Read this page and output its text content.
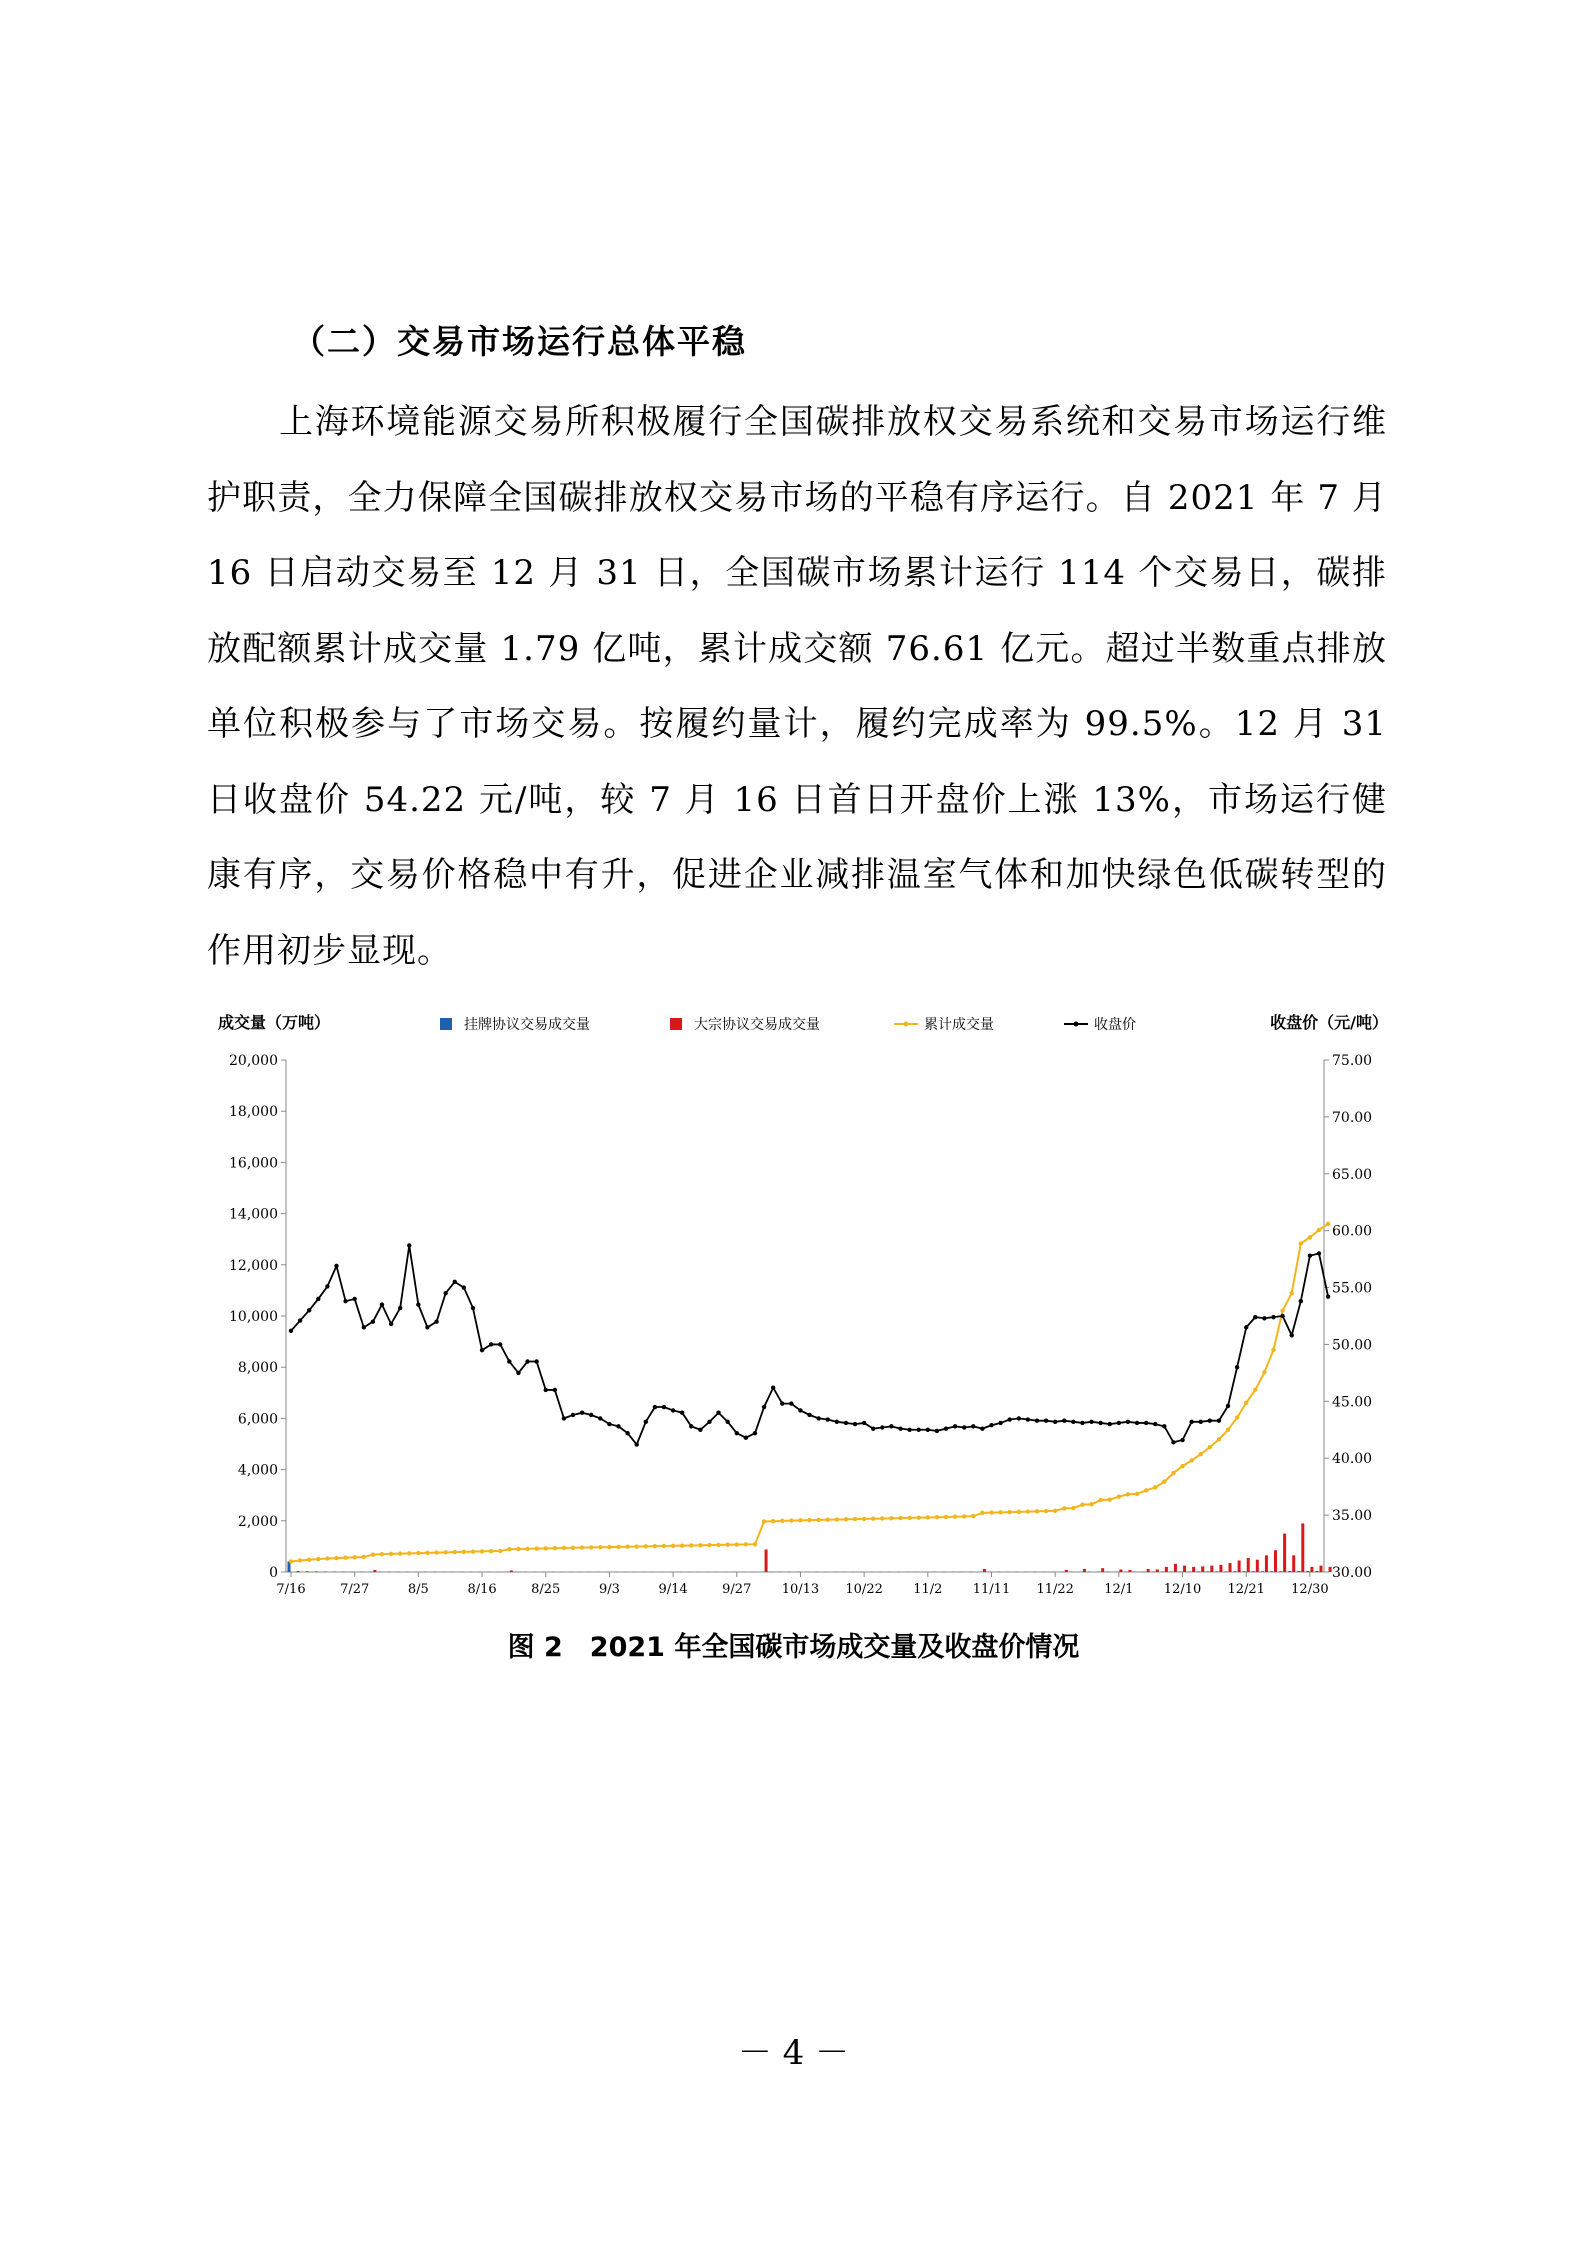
（二）交易市场运行总体平稳
上海环境能源交易所积极履行全国碳排放权交易系统和交易市场运行维护职责，全力保障全国碳排放权交易市场的平稳有序运行。自 2021 年 7 月 16 日启动交易至 12 月 31 日，全国碳市场累计运行 114 个交易日，碳排放配额累计成交量 1.79 亿吨，累计成交额 76.61 亿元。超过半数重点排放单位积极参与了市场交易。按履约量计，履约完成率为 99.5%。12 月 31 日收盘价 54.22 元/吨，较 7 月 16 日首日开盘价上涨 13%，市场运行健康有序，交易价格稳中有升，促进企业减排温室气体和加快绿色低碳转型的作用初步显现。
0
2,000
4,000
6,000
8,000
10,000
12,000
14,000
16,000
18,000
20,000
30.00
35.00
40.00
45.00
50.00
55.00
60.00
65.00
70.00
75.00
7/16	7/27	8/5	8/16	8/25	9/3	9/14	9/27 10/13 10/22 11/2 11/11 11/22 12/1 12/10 12/21 12/30
成交量（万吨）	收盘价（元/吨）
挂牌协议交易成交量	大宗协议交易成交量	累计成交量	收盘价
图 2　2021 年全国碳市场成交量及收盘价情况
－ 4 －
